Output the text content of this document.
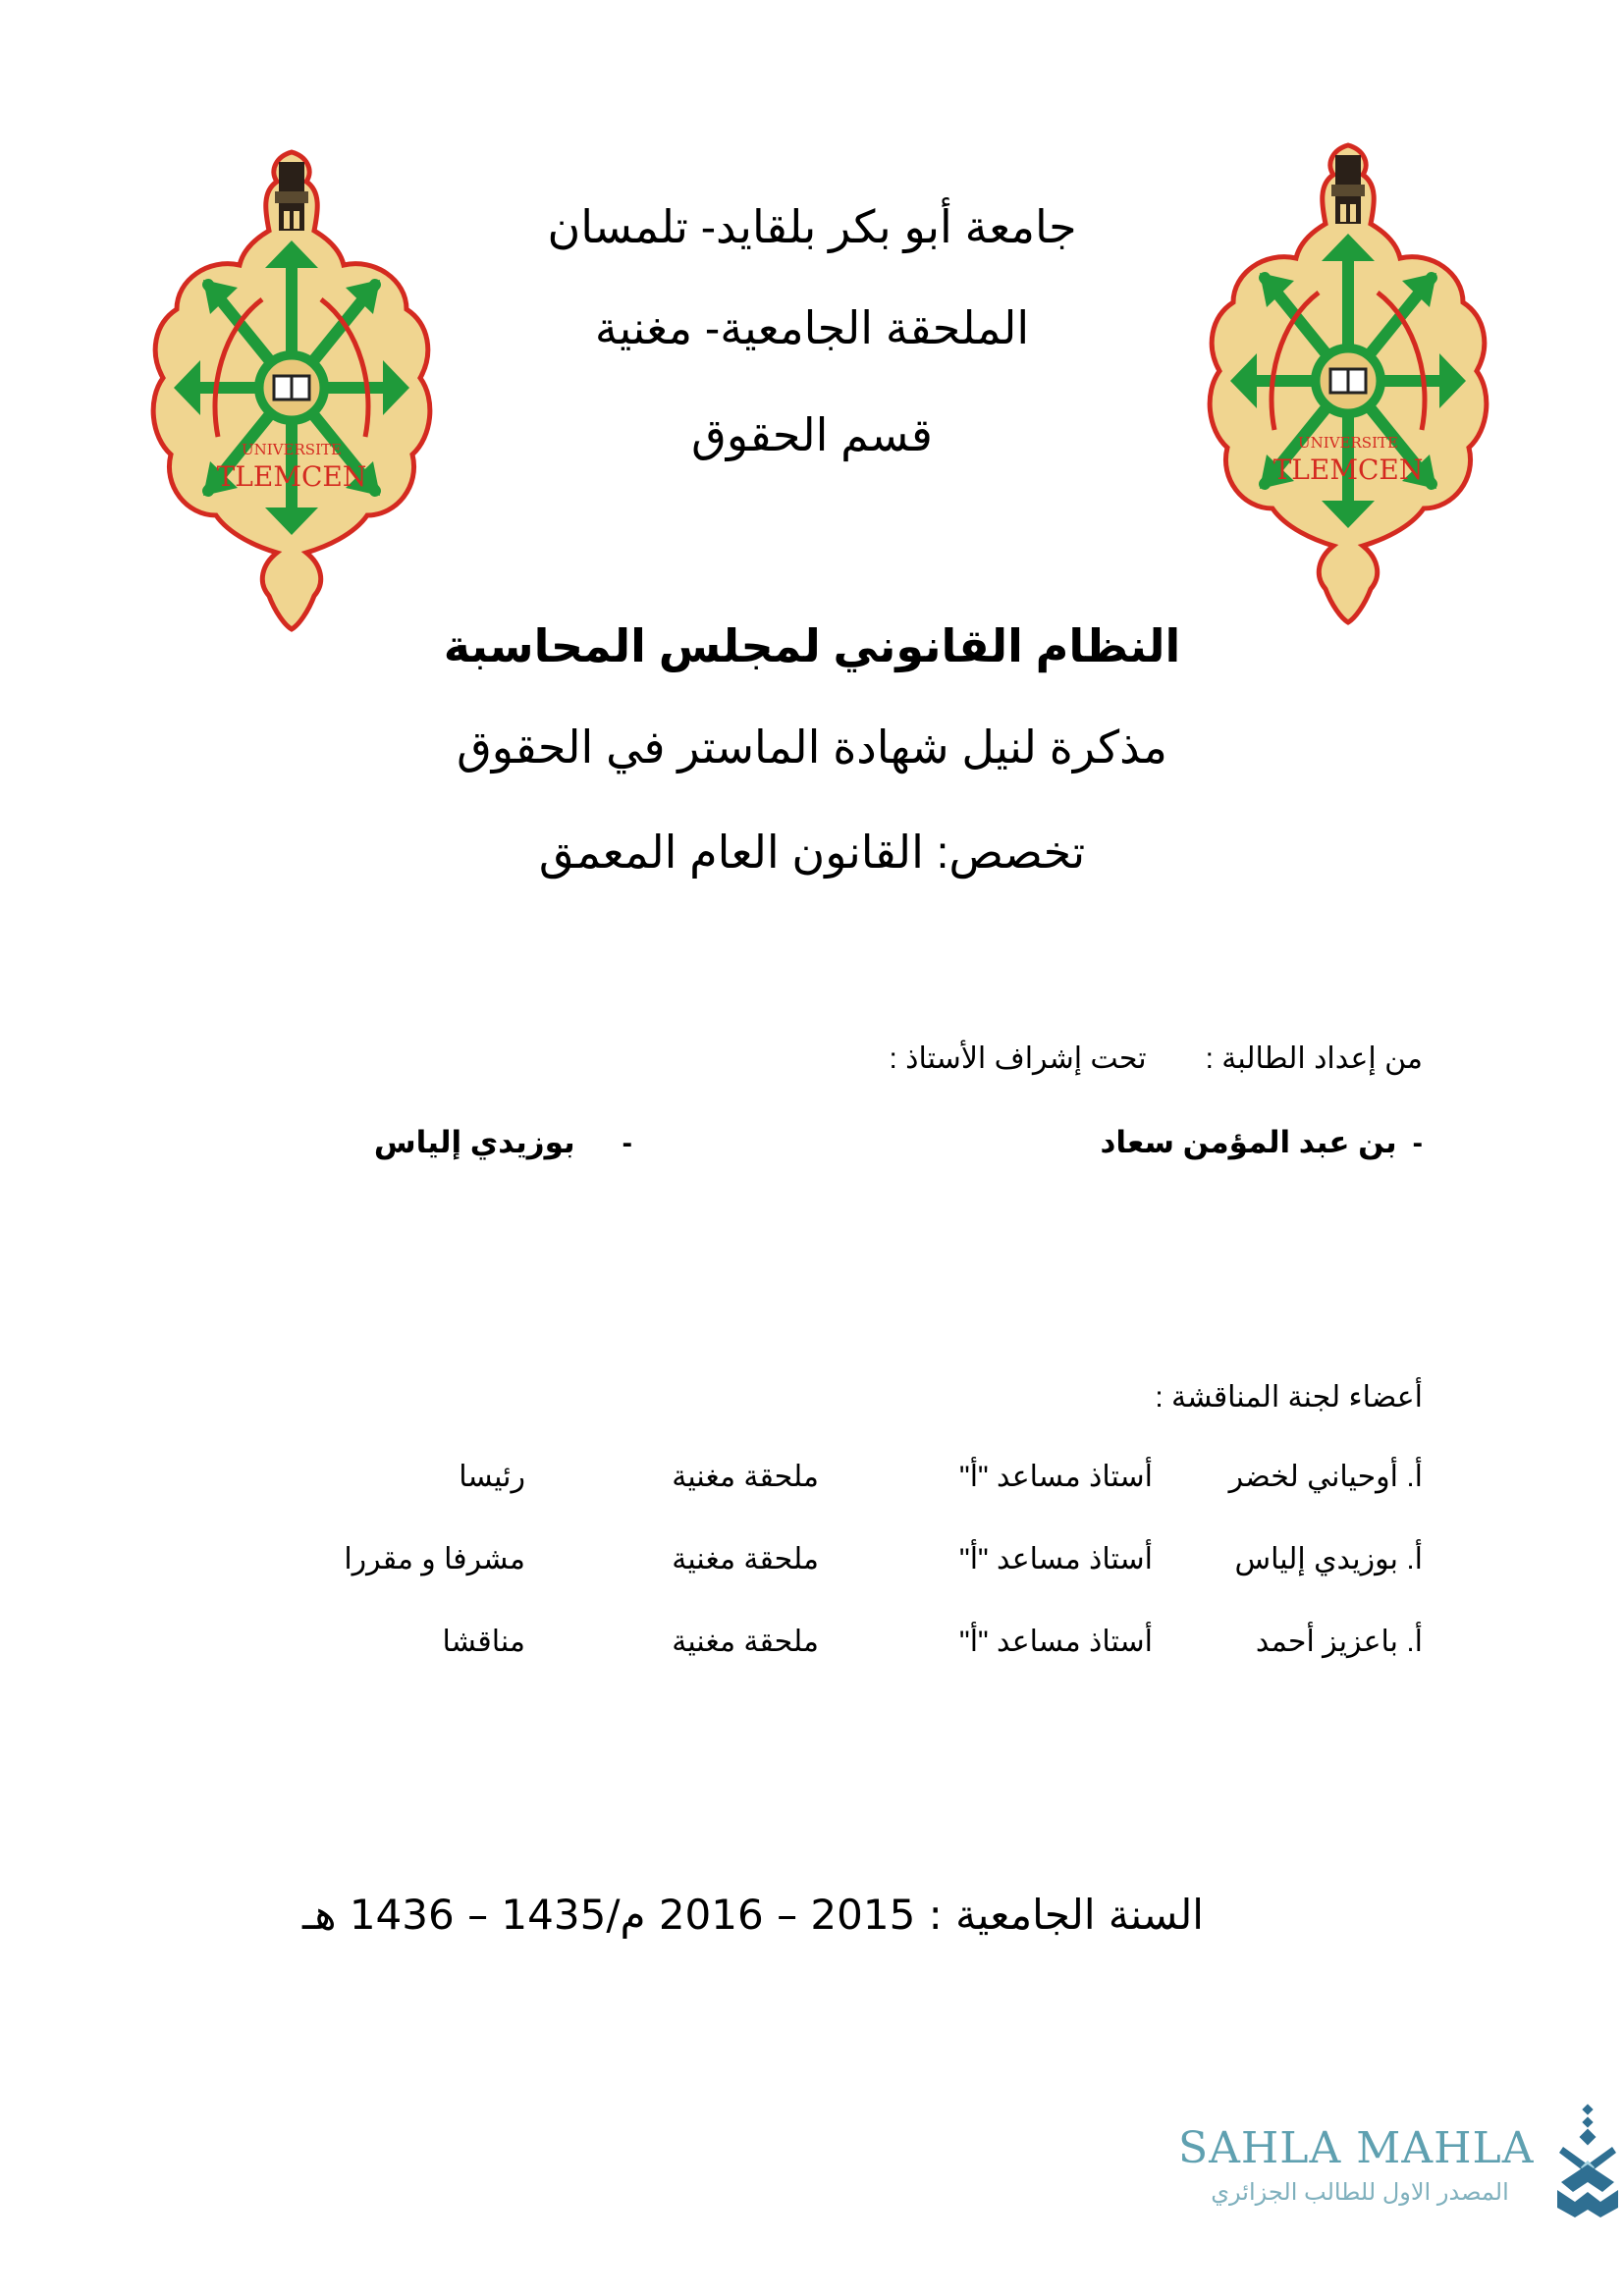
UNIVERSITE
TLEMCEN
UNIVERSITE
TLEMCEN
جامعة أبو بكر بلقايد- تلمسان
الملحقة الجامعية- مغنية
قسم الحقوق
النظام القانوني لمجلس المحاسبة
مذكرة لنيل شهادة الماستر في الحقوق
تخصص: القانون العام المعمق
من إعداد الطالبة :تحت إشراف الأستاذ :
-بن عبد المؤمن سعاد
-بوزيدي إلياس
أعضاء لجنة المناقشة :
أ. أوحياني لخضر
أستاذ مساعد "أ"
ملحقة مغنية
رئيسا
أ. بوزيدي إلياس
أستاذ مساعد "أ"
ملحقة مغنية
مشرفا و مقررا
أ. باعزيز أحمد
أستاذ مساعد "أ"
ملحقة مغنية
مناقشا
السنة الجامعية : 2015 – 2016 م/1435 – 1436 هـ
SAHLA MAHLA
المصدر الاول للطالب الجزائري
